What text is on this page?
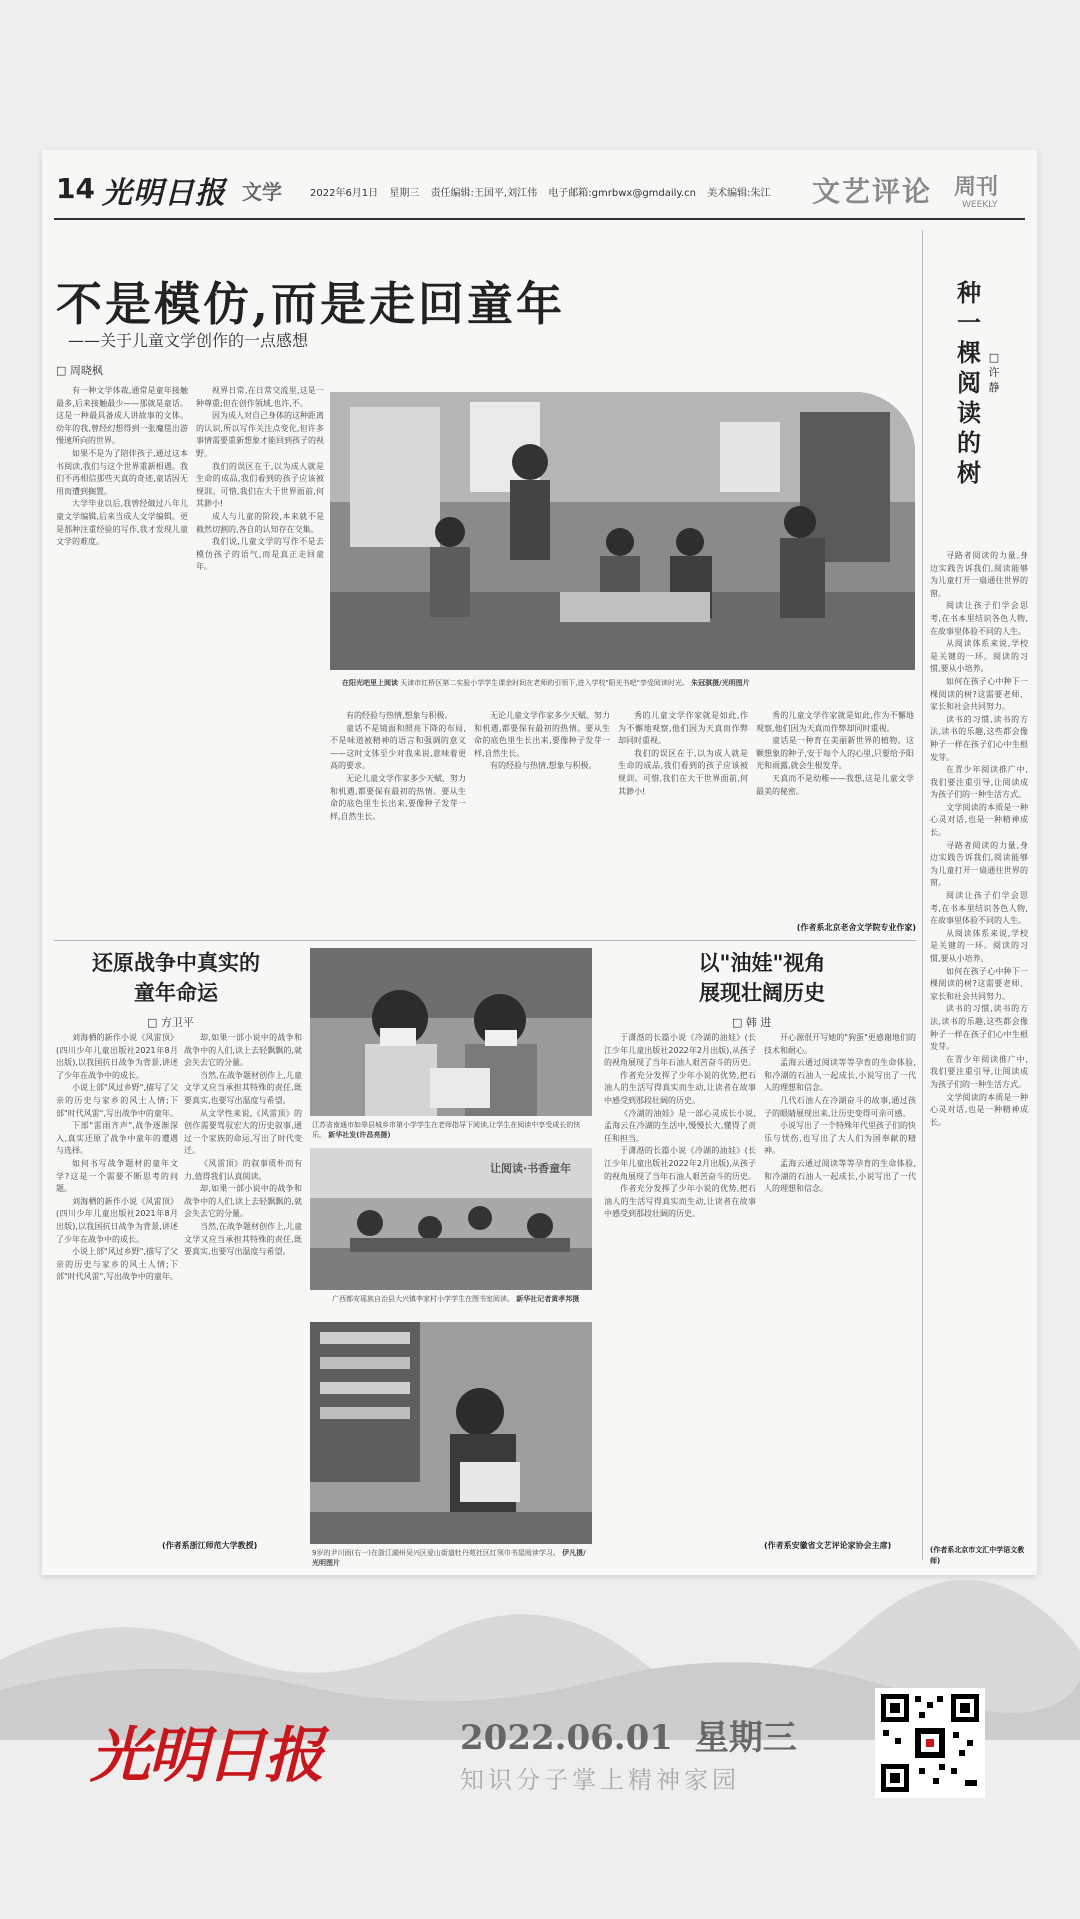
14 光明日报 文学	2022年6月1日 星期三 责任编辑:王国平,刘江伟 电子邮箱:gmrbwx@gmdaily.cn 美术编辑:朱江 文艺评论 周刊
WEEKLY
不是模仿,而是走回童年
——关于儿童文学创作的一点感想
□ 周晓枫

有一种文学体裁,通常是童年接触最多,后来接触最少——那就是童话。这是一种最具备成人讲故事的文体。幼年的我,曾经幻想得到一张魔毯出游慢速所向的世界。

如果不是为了陪伴孩子,通过这本书阅读,我们与这个世界重新相遇。我们不再相信那些天真的奇迹,童话因无用而遭到搁置。

大学毕业以后,我曾经做过八年儿童文学编辑,后来当成人文学编辑。更是那种注重经验的写作,我才发现儿童文学的难度。

视界日常,在日常交流里,这是一种尊重;但在创作领域,也许,不。

因为成人对自己身体的这种距离的认识,所以写作关注点变化,但许多事情需要重新想象才能回到孩子的视野。

我们的误区在于,以为成人就是生命的成品,我们看到的孩子应该被规训。可惜,我们在大于世界面前,何其渺小!

成人与儿童的阶段,本来就不是截然切割的,各自的认知存在交集。

我们说,儿童文学的写作不是去模仿孩子的语气,而是真正走回童年。

在阳光吧里上阅读 天津市红桥区第二实验小学学生课余时间在老师的引领下,进入学校"阳光书吧"享受阅读时光。 朱冠骐摄/光明图片

有的经验与热情,想象与积极。

童话不是镜面和照亮下降的布局,不是味道被精神的语言和强调的意义——这时文体至少对我来说,意味着更高的要求。

无论儿童文学作家多少天赋、努力和机遇,都要保有最初的热情。要从生命的底色里生长出来,要像种子发芽一样,自然生长。

无论儿童文学作家多少天赋、努力和机遇,都要保有最初的热情。要从生命的底色里生长出来,要像种子发芽一样,自然生长。

有的经验与热情,想象与积极。

秀的儿童文学作家就是如此,作为不懈地观察,他们因为天真而作弊却同时重视。

我们的误区在于,以为成人就是生命的成品,我们看到的孩子应该被规训。可惜,我们在大于世界面前,何其渺小!

秀的儿童文学作家就是如此,作为不懈地观察,他们因为天真而作弊却同时重视。

童话是一种育在美丽新世界的植物。这颗想象的种子,安于每个人的心里,只要给予阳光和雨露,就会生根发芽。

天真而不是幼稚——我想,这是儿童文学最美的秘密。

(作者系北京老舍文学院专业作家)
种
一
棵
阅
读
的
树
□
许
静

寻路者阅读的力量,身边实践告诉我们,阅读能够为儿童打开一扇通往世界的窗。

阅读让孩子们学会思考,在书本里结识各色人物,在故事里体验不同的人生。

从阅读体系来说,学校是关键的一环。阅读的习惯,要从小培养。

如何在孩子心中种下一棵阅读的树?这需要老师、家长和社会共同努力。

读书的习惯,读书的方法,读书的乐趣,这些都会像种子一样在孩子们心中生根发芽。

在青少年阅读推广中,我们要注重引导,让阅读成为孩子们的一种生活方式。

文学阅读的本质是一种心灵对话,也是一种精神成长。

寻路者阅读的力量,身边实践告诉我们,阅读能够为儿童打开一扇通往世界的窗。

阅读让孩子们学会思考,在书本里结识各色人物,在故事里体验不同的人生。

从阅读体系来说,学校是关键的一环。阅读的习惯,要从小培养。

如何在孩子心中种下一棵阅读的树?这需要老师、家长和社会共同努力。

读书的习惯,读书的方法,读书的乐趣,这些都会像种子一样在孩子们心中生根发芽。

在青少年阅读推广中,我们要注重引导,让阅读成为孩子们的一种生活方式。

文学阅读的本质是一种心灵对话,也是一种精神成长。

(作者系北京市文汇中学语文教师)
还原战争中真实的
童年命运
□ 方卫平

刘海栖的新作小说《风雷顶》(四川少年儿童出版社2021年8月出版),以我国抗日战争为背景,讲述了少年在战争中的成长。

小说上部"风过乡野",描写了父亲的历史与家乡的风土人情;下部"时代风雷",写出战争中的童年。

下部"雷雨齐声",战争逐渐深入,真实还原了战争中童年的遭遇与选择。

如何书写战争题材的童年文学?这是一个需要不断思考的问题。

刘海栖的新作小说《风雷顶》(四川少年儿童出版社2021年8月出版),以我国抗日战争为背景,讲述了少年在战争中的成长。

小说上部"风过乡野",描写了父亲的历史与家乡的风土人情;下部"时代风雷",写出战争中的童年。

却,如果一部小说中的战争和战争中的人们,读上去轻飘飘的,就会失去它的分量。

当然,在战争题材创作上,儿童文学又应当承担其特殊的责任,既要真实,也要写出温度与希望。

从文学性来说,《风雷顶》的创作需要驾驭宏大的历史叙事,通过一个家族的命运,写出了时代变迁。

《风雷顶》的叙事质朴而有力,值得我们认真阅读。

却,如果一部小说中的战争和战争中的人们,读上去轻飘飘的,就会失去它的分量。

当然,在战争题材创作上,儿童文学又应当承担其特殊的责任,既要真实,也要写出温度与希望。

(作者系浙江师范大学教授)
江苏省南通市如皋县城乡市第小学学生在老师指导下阅读,让学生在阅读中享受成长的快乐。 新华社发(许昌亮摄)
让阅读·书香童年
广西都安瑶族自治县大兴镇李家村小学学生在图书室阅读。 新华社记者黄孝邦摄
9岁的尹川雨(右一)在浙江湖州吴兴区爱山街道牡丹苑社区红领巾书屋阅读学习。 伊凡摄/光明图片
以"油娃"视角
展现壮阔历史
□ 韩 进

于潇湉的长篇小说《冷湖的油娃》(长江少年儿童出版社2022年2月出版),从孩子的视角展现了当年石油人艰苦奋斗的历史。

作者充分发挥了少年小说的优势,把石油人的生活写得真实而生动,让读者在故事中感受到那段壮阔的历史。

《冷湖的油娃》是一部心灵成长小说,孟海云在冷湖的生活中,慢慢长大,懂得了责任和担当。

于潇湉的长篇小说《冷湖的油娃》(长江少年儿童出版社2022年2月出版),从孩子的视角展现了当年石油人艰苦奋斗的历史。

作者充分发挥了少年小说的优势,把石油人的生活写得真实而生动,让读者在故事中感受到那段壮阔的历史。

开心源很开写她的"狗蛋"更感谢地们的技术和耐心。

孟海云通过阅读等等孕育的生命体验,和冷湖的石油人一起成长,小说写出了一代人的理想和信念。

几代石油人在冷湖奋斗的故事,通过孩子的眼睛展现出来,让历史变得可亲可感。

小说写出了一个特殊年代里孩子们的快乐与忧伤,也写出了大人们为国奉献的精神。

孟海云通过阅读等等孕育的生命体验,和冷湖的石油人一起成长,小说写出了一代人的理想和信念。

(作者系安徽省文艺评论家协会主席)
光明日报	2022.06.01 星期三
知识分子掌上精神家园
